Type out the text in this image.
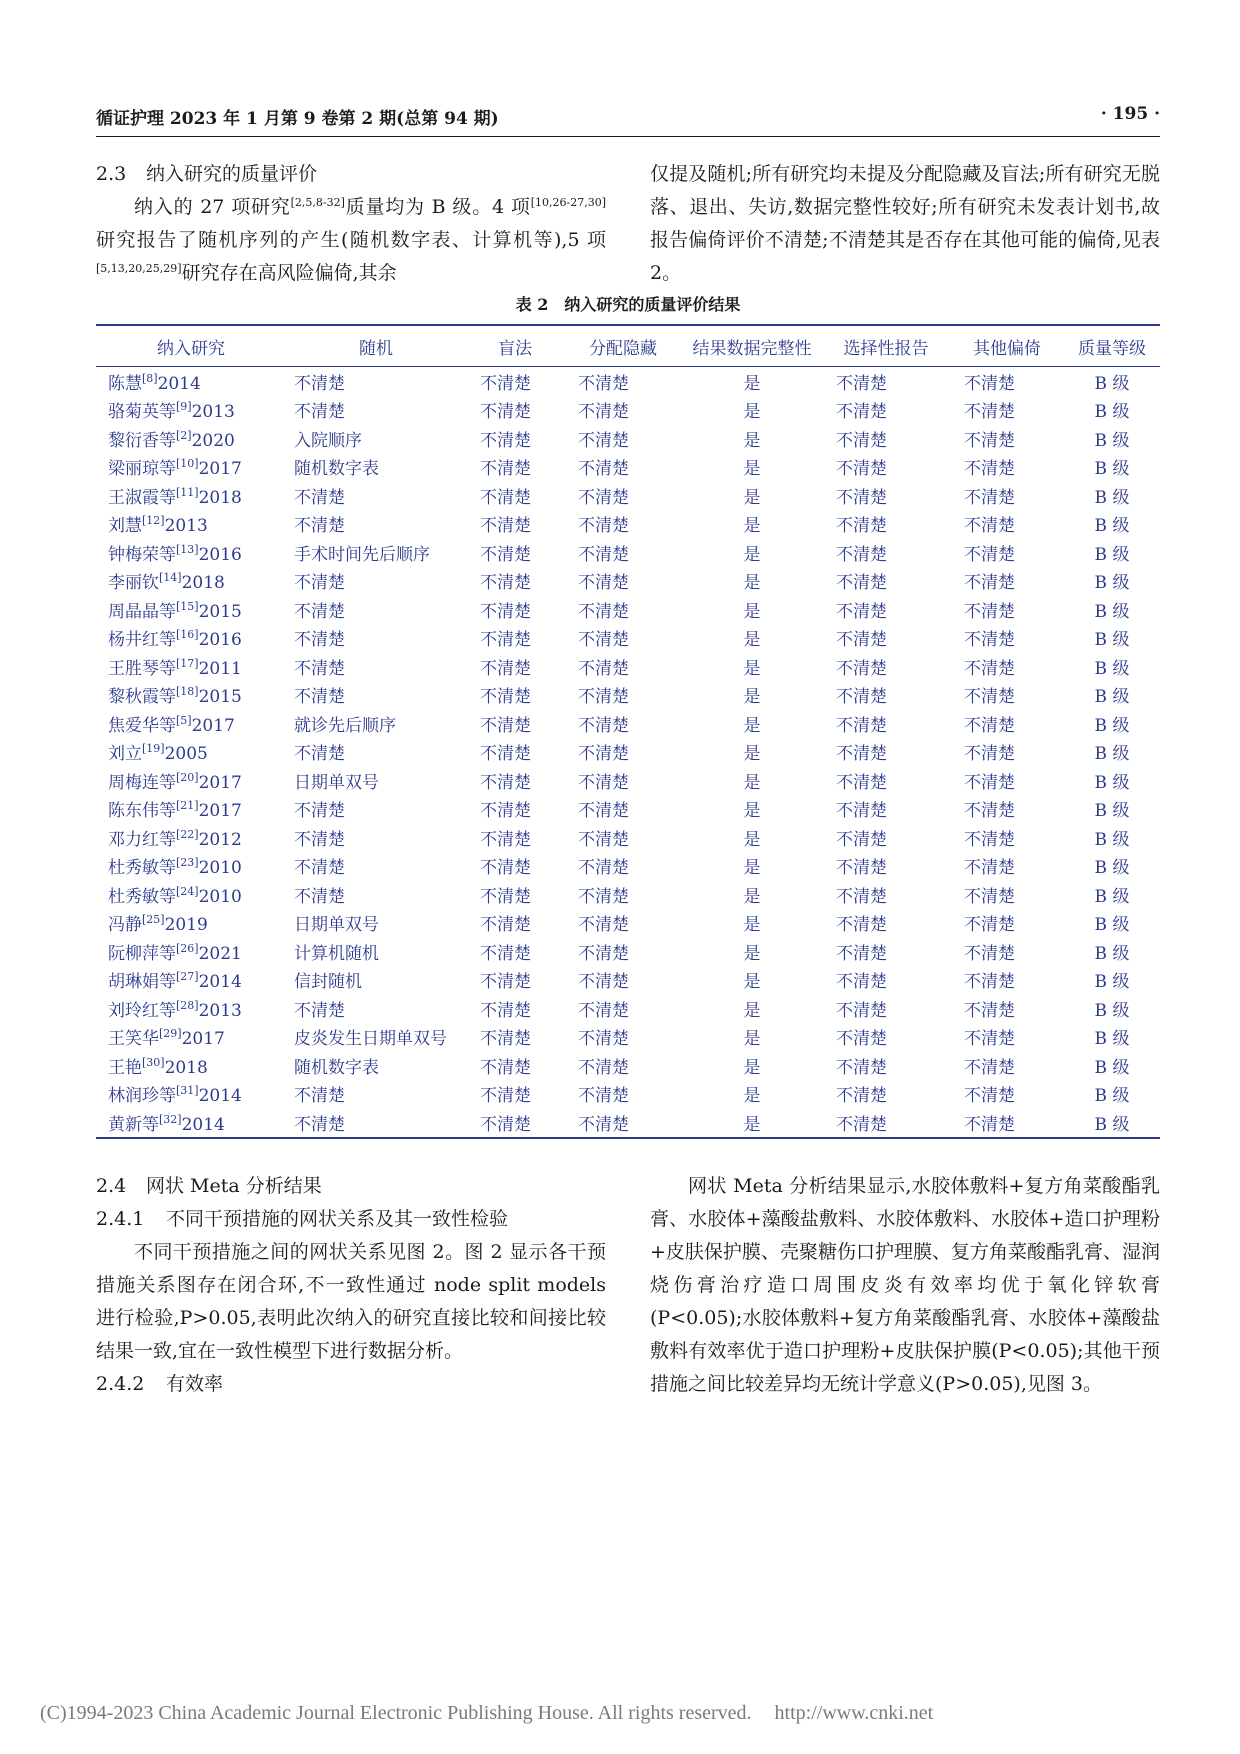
循证护理 2023 年 1 月第 9 卷第 2 期(总第 94 期)	· 195 ·
2.3 纳入研究的质量评价

纳入的 27 项研究[2,5,8-32]质量均为 B 级。4 项[10,26-27,30]研究报告了随机序列的产生(随机数字表、计算机等),5 项[5,13,20,25,29]研究存在高风险偏倚,其余

仅提及随机;所有研究均未提及分配隐藏及盲法;所有研究无脱落、退出、失访,数据完整性较好;所有研究未发表计划书,故报告偏倚评价不清楚;不清楚其是否存在其他可能的偏倚,见表 2。

表 2　纳入研究的质量评价结果
纳入研究	随机	盲法	分配隐藏	结果数据完整性	选择性报告	其他偏倚	质量等级
陈慧[8]2014	不清楚	不清楚	不清楚	是	不清楚	不清楚	B 级
骆菊英等[9]2013	不清楚	不清楚	不清楚	是	不清楚	不清楚	B 级
黎衍香等[2]2020	入院顺序	不清楚	不清楚	是	不清楚	不清楚	B 级
梁丽琼等[10]2017	随机数字表	不清楚	不清楚	是	不清楚	不清楚	B 级
王淑霞等[11]2018	不清楚	不清楚	不清楚	是	不清楚	不清楚	B 级
刘慧[12]2013	不清楚	不清楚	不清楚	是	不清楚	不清楚	B 级
钟梅荣等[13]2016	手术时间先后顺序	不清楚	不清楚	是	不清楚	不清楚	B 级
李丽钦[14]2018	不清楚	不清楚	不清楚	是	不清楚	不清楚	B 级
周晶晶等[15]2015	不清楚	不清楚	不清楚	是	不清楚	不清楚	B 级
杨井红等[16]2016	不清楚	不清楚	不清楚	是	不清楚	不清楚	B 级
王胜琴等[17]2011	不清楚	不清楚	不清楚	是	不清楚	不清楚	B 级
黎秋霞等[18]2015	不清楚	不清楚	不清楚	是	不清楚	不清楚	B 级
焦爱华等[5]2017	就诊先后顺序	不清楚	不清楚	是	不清楚	不清楚	B 级
刘立[19]2005	不清楚	不清楚	不清楚	是	不清楚	不清楚	B 级
周梅连等[20]2017	日期单双号	不清楚	不清楚	是	不清楚	不清楚	B 级
陈东伟等[21]2017	不清楚	不清楚	不清楚	是	不清楚	不清楚	B 级
邓力红等[22]2012	不清楚	不清楚	不清楚	是	不清楚	不清楚	B 级
杜秀敏等[23]2010	不清楚	不清楚	不清楚	是	不清楚	不清楚	B 级
杜秀敏等[24]2010	不清楚	不清楚	不清楚	是	不清楚	不清楚	B 级
冯静[25]2019	日期单双号	不清楚	不清楚	是	不清楚	不清楚	B 级
阮柳萍等[26]2021	计算机随机	不清楚	不清楚	是	不清楚	不清楚	B 级
胡琳娟等[27]2014	信封随机	不清楚	不清楚	是	不清楚	不清楚	B 级
刘玲红等[28]2013	不清楚	不清楚	不清楚	是	不清楚	不清楚	B 级
王笑华[29]2017	皮炎发生日期单双号	不清楚	不清楚	是	不清楚	不清楚	B 级
王艳[30]2018	随机数字表	不清楚	不清楚	是	不清楚	不清楚	B 级
林润珍等[31]2014	不清楚	不清楚	不清楚	是	不清楚	不清楚	B 级
黄新等[32]2014	不清楚	不清楚	不清楚	是	不清楚	不清楚	B 级
2.4 网状 Meta 分析结果
2.4.1 不同干预措施的网状关系及其一致性检验

不同干预措施之间的网状关系见图 2。图 2 显示各干预措施关系图存在闭合环,不一致性通过 node split models 进行检验,P>0.05,表明此次纳入的研究直接比较和间接比较结果一致,宜在一致性模型下进行数据分析。

2.4.2 有效率

网状 Meta 分析结果显示,水胶体敷料+复方角菜酸酯乳膏、水胶体+藻酸盐敷料、水胶体敷料、水胶体+造口护理粉+皮肤保护膜、壳聚糖伤口护理膜、复方角菜酸酯乳膏、湿润烧伤膏治疗造口周围皮炎有效率均优于氧化锌软膏(P<0.05);水胶体敷料+复方角菜酸酯乳膏、水胶体+藻酸盐敷料有效率优于造口护理粉+皮肤保护膜(P<0.05);其他干预措施之间比较差异均无统计学意义(P>0.05),见图 3。

(C)1994-2023 China Academic Journal Electronic Publishing House. All rights reserved. http://www.cnki.net
